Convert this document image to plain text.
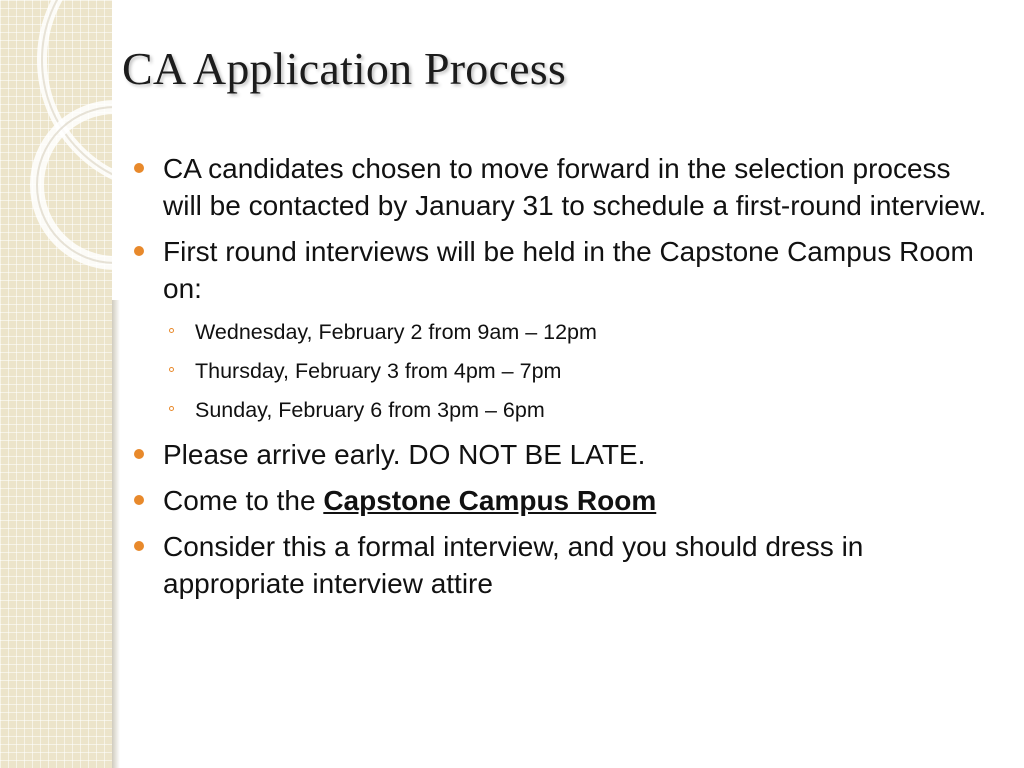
CA Application Process
CA candidates chosen to move forward in the selection process will be contacted by January 31 to schedule a first-round interview.
First round interviews will be held in the Capstone Campus Room on:
Wednesday, February 2 from 9am – 12pm
Thursday, February 3 from 4pm – 7pm
Sunday, February 6 from 3pm – 6pm
Please arrive early. DO NOT BE LATE.
Come to the Capstone Campus Room
Consider this a formal interview, and you should dress in appropriate interview attire
